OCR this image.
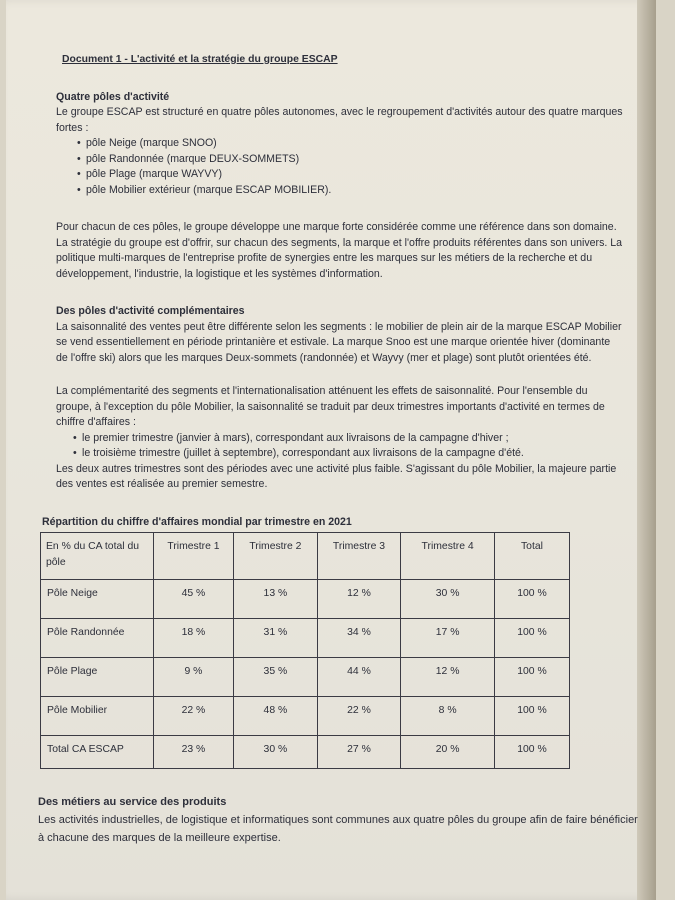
Document 1 - L'activité et la stratégie du groupe ESCAP
Quatre pôles d'activité

Le groupe ESCAP est structuré en quatre pôles autonomes, avec le regroupement d'activités autour des quatre marques fortes :

• pôle Neige (marque SNOO)
• pôle Randonnée (marque DEUX-SOMMETS)
• pôle Plage (marque WAYVY)
• pôle Mobilier extérieur (marque ESCAP MOBILIER).

Pour chacun de ces pôles, le groupe développe une marque forte considérée comme une référence dans son domaine. La stratégie du groupe est d'offrir, sur chacun des segments, la marque et l'offre produits référentes dans son univers. La politique multi-marques de l'entreprise profite de synergies entre les marques sur les métiers de la recherche et du développement, l'industrie, la logistique et les systèmes d'information.

Des pôles d'activité complémentaires

La saisonnalité des ventes peut être différente selon les segments : le mobilier de plein air de la marque ESCAP Mobilier se vend essentiellement en période printanière et estivale. La marque Snoo est une marque orientée hiver (dominante de l'offre ski) alors que les marques Deux-sommets (randonnée) et Wayvy (mer et plage) sont plutôt orientées été.

La complémentarité des segments et l'internationalisation atténuent les effets de saisonnalité. Pour l'ensemble du groupe, à l'exception du pôle Mobilier, la saisonnalité se traduit par deux trimestres importants d'activité en termes de chiffre d'affaires :

• le premier trimestre (janvier à mars), correspondant aux livraisons de la campagne d'hiver ;
• le troisième trimestre (juillet à septembre), correspondant aux livraisons de la campagne d'été.

Les deux autres trimestres sont des périodes avec une activité plus faible. S'agissant du pôle Mobilier, la majeure partie des ventes est réalisée au premier semestre.

Répartition du chiffre d'affaires mondial par trimestre en 2021
En % du CA total du pôle	Trimestre 1	Trimestre 2	Trimestre 3	Trimestre 4	Total
Pôle Neige	45 %	13 %	12 %	30 %	100 %
Pôle Randonnée	18 %	31 %	34 %	17 %	100 %
Pôle Plage	9 %	35 %	44 %	12 %	100 %
Pôle Mobilier	22 %	48 %	22 %	8 %	100 %
Total CA ESCAP	23 %	30 %	27 %	20 %	100 %
Des métiers au service des produits

Les activités industrielles, de logistique et informatiques sont communes aux quatre pôles du groupe afin de faire bénéficier à chacune des marques de la meilleure expertise.
